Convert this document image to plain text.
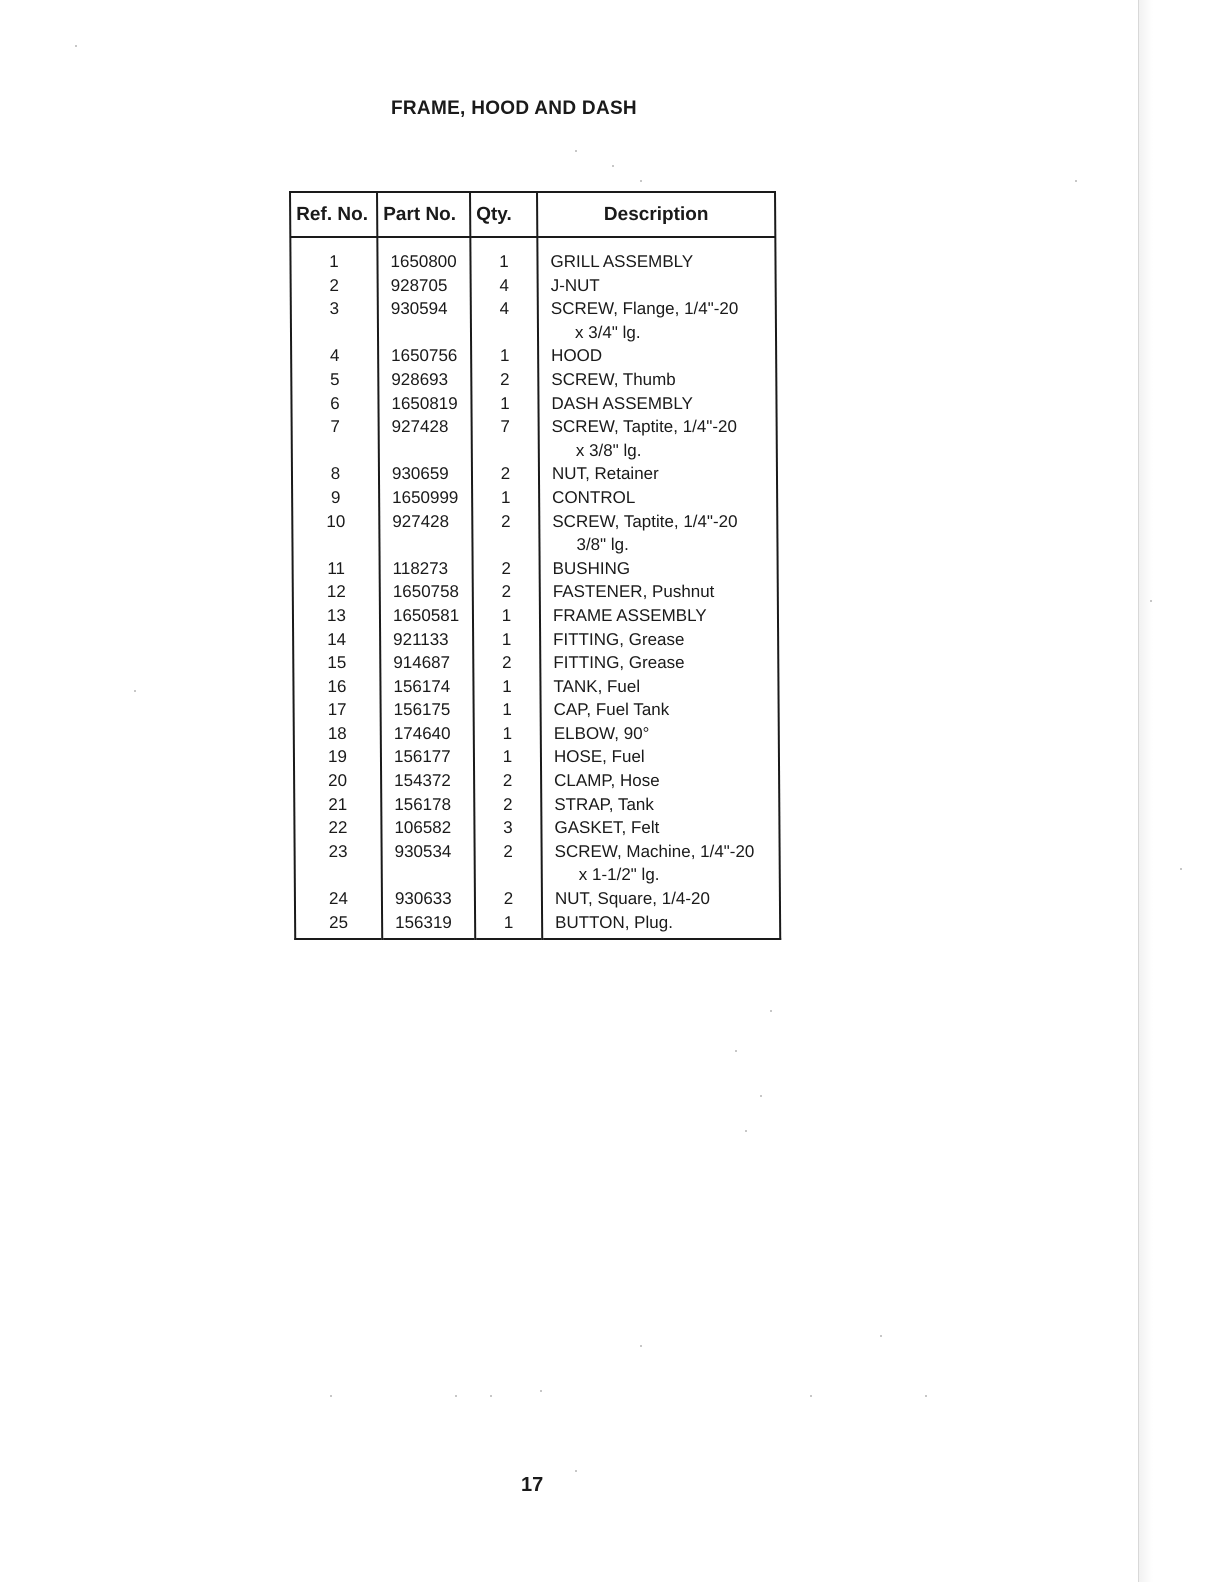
FRAME, HOOD AND DASH
Ref. No.	Part No.	Qty.	Description
1	1650800	1	GRILL ASSEMBLY

2	928705	4	J-NUT

3	930594	4	SCREW, Flange, 1/4"-20
x 3/4" lg.

4	1650756	1	HOOD

5	928693	2	SCREW, Thumb

6	1650819	1	DASH ASSEMBLY

7	927428	7	SCREW, Taptite, 1/4"-20
x 3/8" lg.

8	930659	2	NUT, Retainer

9	1650999	1	CONTROL

10	927428	2	SCREW, Taptite, 1/4"-20
3/8" lg.

11	118273	2	BUSHING

12	1650758	2	FASTENER, Pushnut

13	1650581	1	FRAME ASSEMBLY

14	921133	1	FITTING, Grease

15	914687	2	FITTING, Grease

16	156174	1	TANK, Fuel

17	156175	1	CAP, Fuel Tank

18	174640	1	ELBOW, 90°

19	156177	1	HOSE, Fuel

20	154372	2	CLAMP, Hose

21	156178	2	STRAP, Tank

22	106582	3	GASKET, Felt

23	930534	2	SCREW, Machine, 1/4"-20
x 1-1/2" lg.

24	930633	2	NUT, Square, 1/4-20

25	156319	1	BUTTON, Plug.
17
